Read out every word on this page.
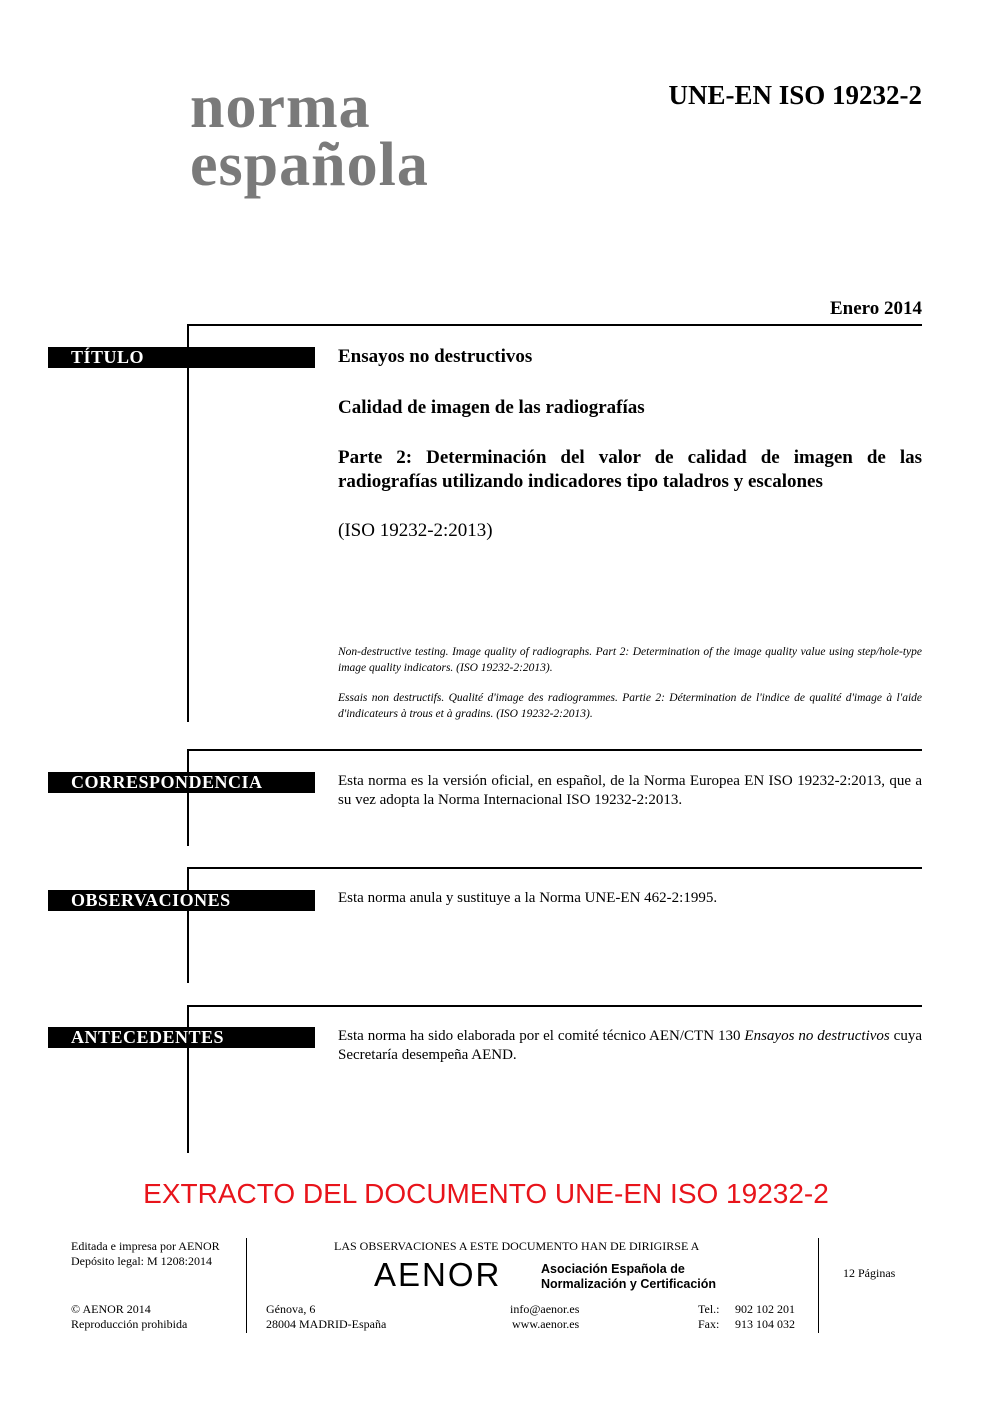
norma
española
UNE-EN ISO 19232-2
Enero 2014
TÍTULO	Ensayos no destructivos
Calidad de imagen de las radiografías
Parte 2: Determinación del valor de calidad de imagen de las radiografías utilizando indicadores tipo taladros y escalones
(ISO 19232-2:2013)
Non-destructive testing. Image quality of radiographs. Part 2: Determination of the image quality value using step/hole-type image quality indicators. (ISO 19232-2:2013).
Essais non destructifs. Qualité d'image des radiogrammes. Partie 2: Détermination de l'indice de qualité d'image à l'aide d'indicateurs à trous et à gradins. (ISO 19232-2:2013).
CORRESPONDENCIA	Esta norma es la versión oficial, en español, de la Norma Europea EN ISO 19232-2:2013, que a su vez adopta la Norma Internacional ISO 19232-2:2013.
OBSERVACIONES	Esta norma anula y sustituye a la Norma UNE-EN 462-2:1995.
ANTECEDENTES	Esta norma ha sido elaborada por el comité técnico AEN/CTN 130 Ensayos no destructivos cuya Secretaría desempeña AEND.
EXTRACTO DEL DOCUMENTO UNE-EN ISO 19232-2
Editada e impresa por AENOR
Depósito legal: M 1208:2014
© AENOR 2014
Reproducción prohibida
LAS OBSERVACIONES A ESTE DOCUMENTO HAN DE DIRIGIRSE A
AENOR	Asociación Española de
Normalización y Certificación
Génova, 6
28004 MADRID-España
info@aenor.es
www.aenor.es
Tel.: 902 102 201
Fax: 913 104 032
12 Páginas
